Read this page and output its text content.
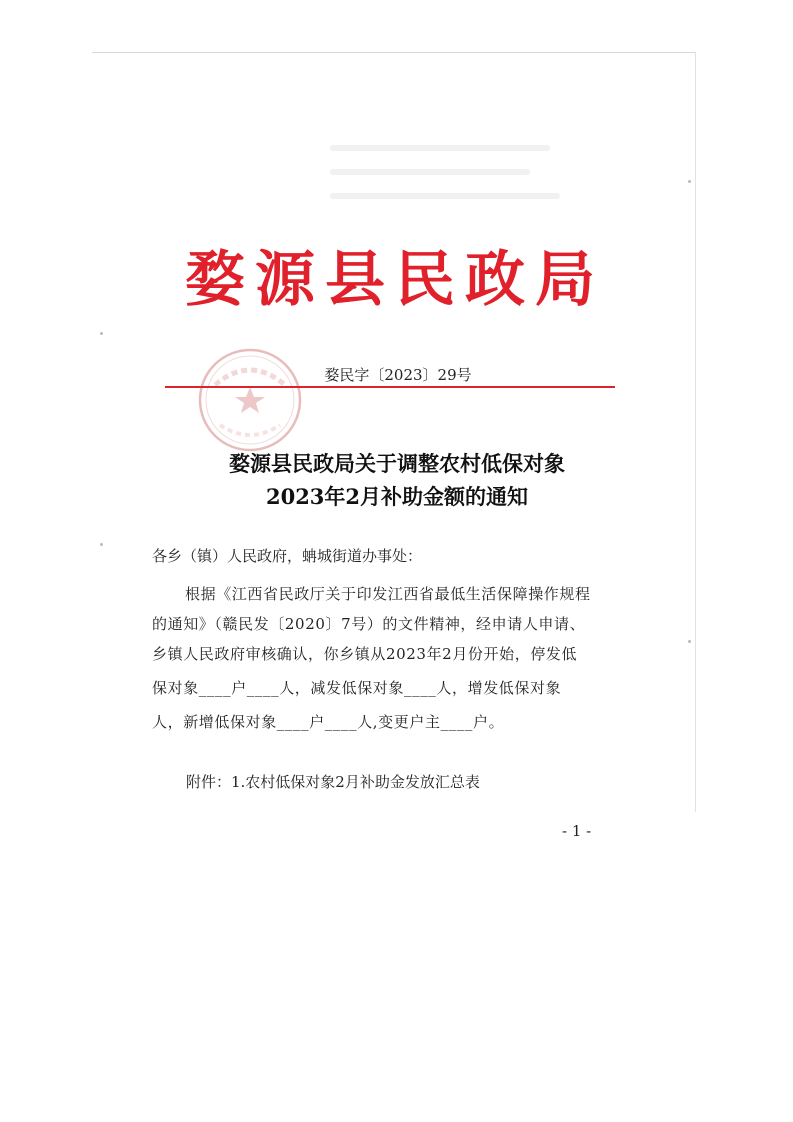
婺源县民政局
婺民字〔2023〕29号
婺源县民政局关于调整农村低保对象
2023年2月补助金额的通知
各乡（镇）人民政府，蚺城街道办事处：
根据《江西省民政厅关于印发江西省最低生活保障操作规程
的通知》（赣民发〔2020〕7号）的文件精神，经申请人申请、
乡镇人民政府审核确认，你乡镇从2023年2月份开始，停发低
保对象____户____人，减发低保对象____人，增发低保对象
人，新增低保对象____户____人,变更户主____户。
附件：1.农村低保对象2月补助金发放汇总表
- 1 -
